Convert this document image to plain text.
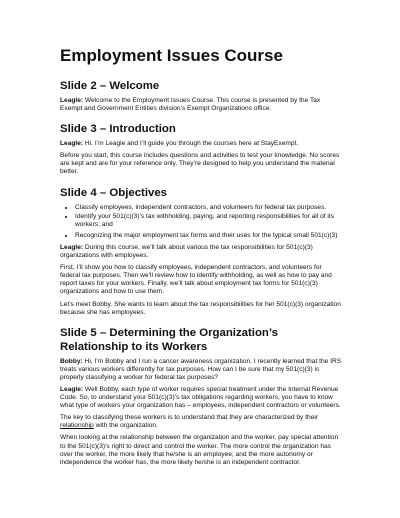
Employment Issues Course
Slide 2 – Welcome

Leagle: Welcome to the Employment Issues Course. This course is presented by the Tax Exempt and Government Entities division’s Exempt Organizations office.

Slide 3 – Introduction

Leagle: Hi. I’m Leagle and I’ll guide you through the courses here at StayExempt.

Before you start, this course includes questions and activities to test your knowledge. No scores are kept and are for your reference only. They’re designed to help you understand the material better.

Slide 4 – Objectives
• Classify employees, independent contractors, and volunteers for federal tax purposes.
• Identify your 501(c)(3)’s tax withholding, paying, and reporting responsibilities for all of its workers; and
• Recognizing the major employment tax forms and their uses for the typical small 501(c)(3)

Leagle: During this course, we’ll talk about various the tax responsibilities for 501(c)(3) organizations with employees.

First, I’ll show you how to classify employees, independent contractors, and volunteers for federal tax purposes. Then we’ll review how to identify withholding, as well as how to pay and report taxes for your workers. Finally, we’ll talk about employment tax forms for 501(c)(3) organizations and how to use them.

Let’s meet Bobby. She wants to learn about the tax responsibilities for her 501(c)(3) organization because she has employees.

Slide 5 – Determining the Organization’s Relationship to its Workers

Bobby: Hi, I’m Bobby and I run a cancer awareness organization. I recently learned that the IRS treats various workers differently for tax purposes. How can I be sure that my 501(c)(3) is properly classifying a worker for federal tax purposes?

Leagle: Well Bobby, each type of worker requires special treatment under the Internal Revenue Code. So, to understand your 501(c)(3)’s tax obligations regarding workers, you have to know what type of workers your organization has – employees, independent contractors or volunteers.

The key to classifying these workers is to understand that they are characterized by their relationship with the organization.

When looking at the relationship between the organization and the worker, pay special attention to the 501(c)(3)’s right to direct and control the worker. The more control the organization has over the worker, the more likely that he/she is an employee; and the more autonomy or independence the worker has, the more likely he/she is an independent contractor.
